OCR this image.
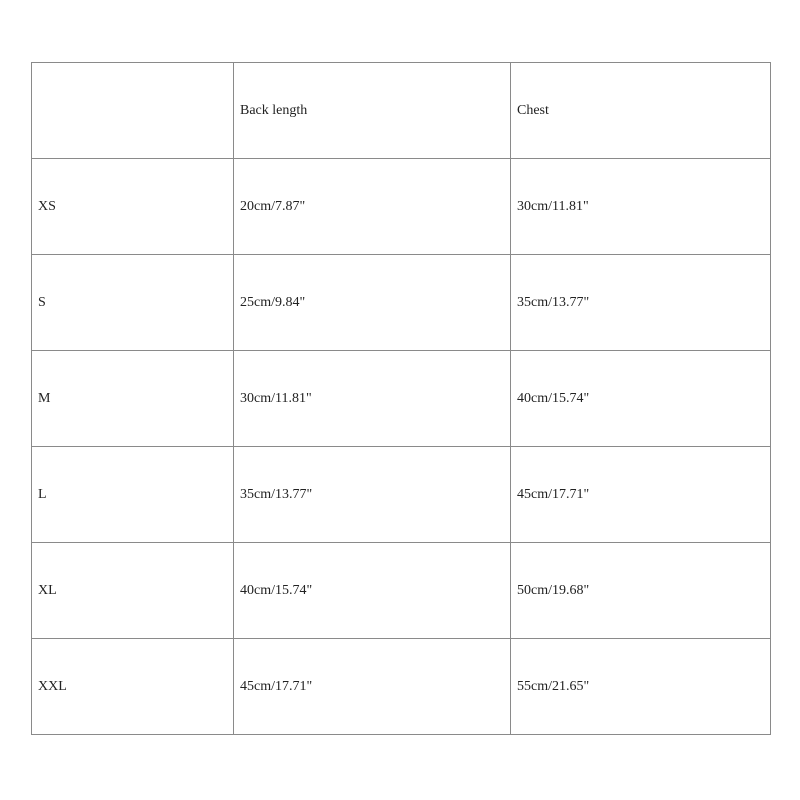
	Back length	Chest
XS	20cm/7.87"	30cm/11.81"
S	25cm/9.84"	35cm/13.77"
M	30cm/11.81"	40cm/15.74"
L	35cm/13.77"	45cm/17.71"
XL	40cm/15.74"	50cm/19.68"
XXL	45cm/17.71"	55cm/21.65"
